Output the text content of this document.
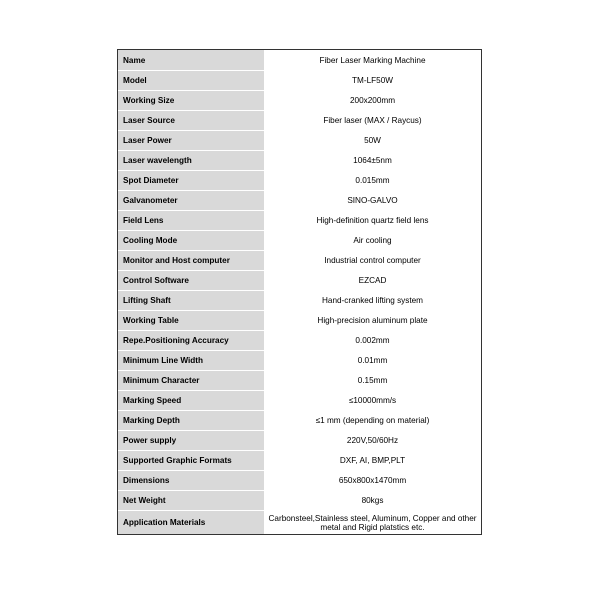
Name	Fiber Laser Marking Machine
Model	TM-LF50W
Working Size	200x200mm
Laser Source	Fiber laser (MAX / Raycus)
Laser Power	50W
Laser wavelength	1064±5nm
Spot Diameter	0.015mm
Galvanometer	SINO-GALVO
Field Lens	High-definition quartz field lens
Cooling Mode	Air cooling
Monitor and Host computer	Industrial control computer
Control Software	EZCAD
Lifting Shaft	Hand-cranked lifting system
Working Table	High-precision aluminum plate
Repe.Positioning Accuracy	0.002mm
Minimum Line Width	0.01mm
Minimum Character	0.15mm
Marking Speed	≤10000mm/s
Marking Depth	≤1 mm (depending on material)
Power supply	220V,50/60Hz
Supported Graphic Formats	DXF, AI, BMP,PLT
Dimensions	650x800x1470mm
Net Weight	80kgs
Application Materials	Carbonsteel,Stainless steel, Aluminum, Copper and other metal and Rigid platstics etc.
